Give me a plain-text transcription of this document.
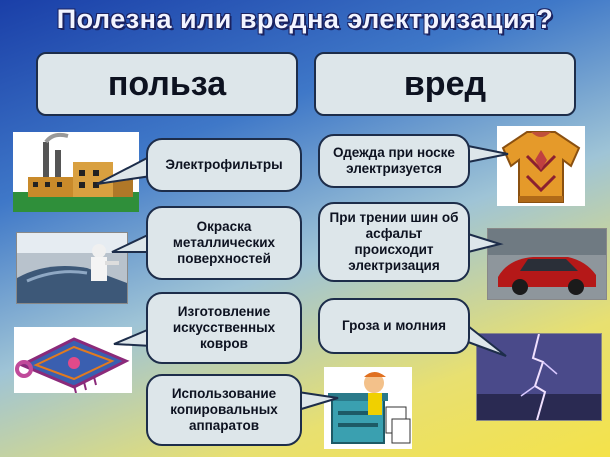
Полезна или вредна электризация?
польза	вред
Электрофильтры
Окраска металлических поверхностей
Изготовление искусственных ковров
Использование копировальных аппаратов
Одежда при носке электризуется
При трении шин об асфальт происходит электризация
Гроза и молния
